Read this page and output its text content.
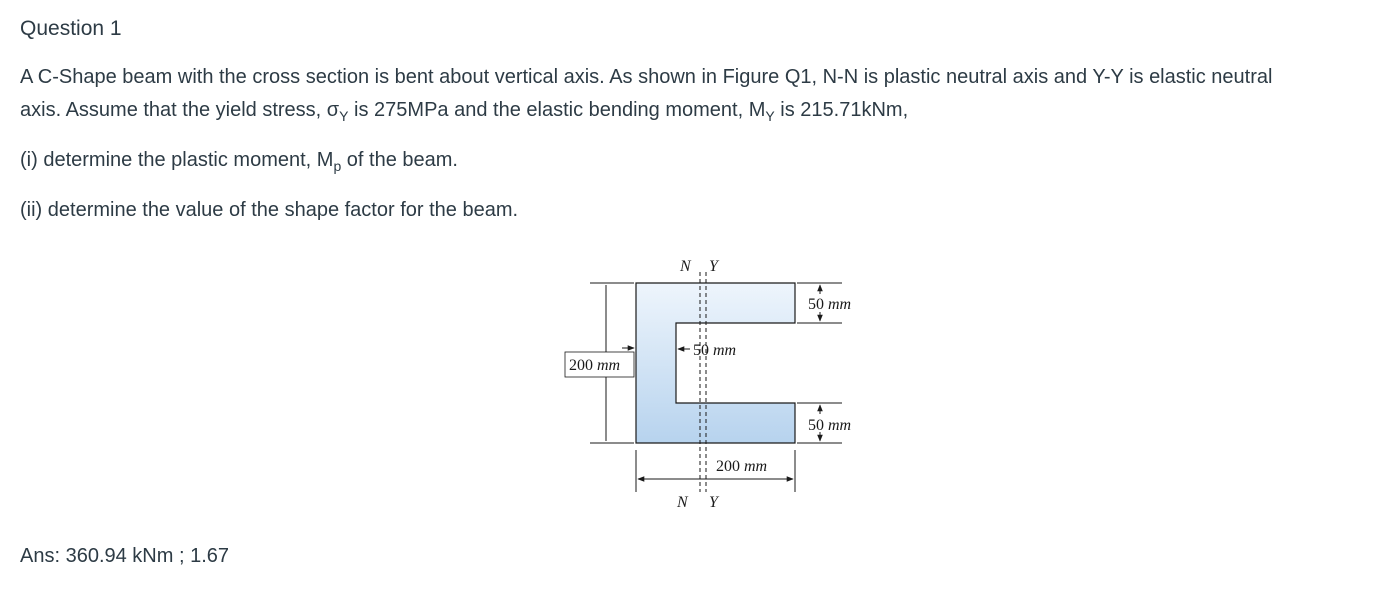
Question 1

A C-Shape beam with the cross section is bent about vertical axis. As shown in Figure Q1, N-N is plastic neutral axis and Y-Y is elastic neutral

axis. Assume that the yield stress, $\sigma_Y$ is 275MPa and the elastic bending moment, $M_Y$ is 215.71kNm,

(i) determine the plastic moment, $M_p$ of the beam.

(ii) determine the value of the shape factor for the beam.

N Y
N Y
50 mm
50 mm
50 mm
200 mm
200 mm

Ans: 360.94 kNm ; 1.67
